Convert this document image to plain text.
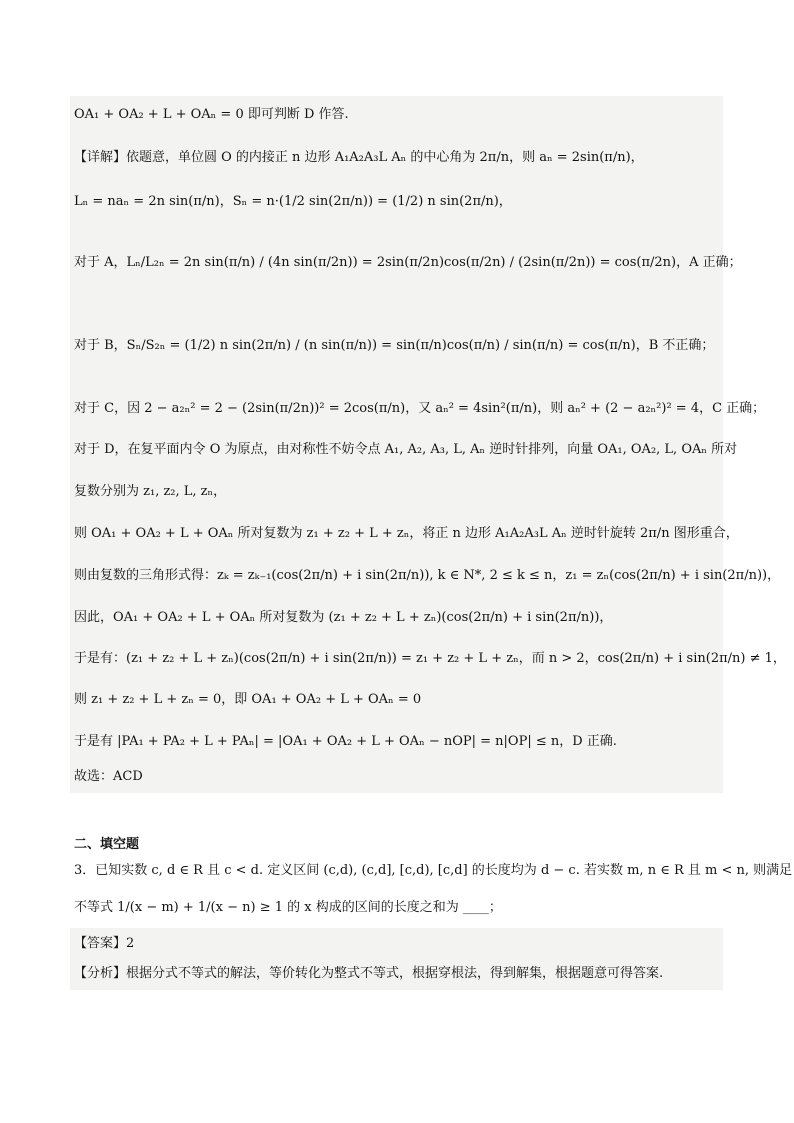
OA₁ + OA₂ + L + OAₙ = 0 即可判断 D 作答.
【详解】依题意，单位圆 O 的内接正 n 边形 A₁A₂A₃L Aₙ 的中心角为 2π/n，则 aₙ = 2sin(π/n)，
Lₙ = naₙ = 2n sin(π/n)，Sₙ = n·(1/2 sin(2π/n)) = (1/2) n sin(2π/n)，
对于 A，Lₙ/L₂ₙ = 2n sin(π/n) / (4n sin(π/2n)) = 2sin(π/2n)cos(π/2n) / (2sin(π/2n)) = cos(π/2n)，A 正确；
对于 B，Sₙ/S₂ₙ = (1/2) n sin(2π/n) / (n sin(π/n)) = sin(π/n)cos(π/n) / sin(π/n) = cos(π/n)，B 不正确；
对于 C，因 2 − a₂ₙ² = 2 − (2sin(π/2n))² = 2cos(π/n)，又 aₙ² = 4sin²(π/n)，则 aₙ² + (2 − a₂ₙ²)² = 4，C 正确；
对于 D，在复平面内令 O 为原点，由对称性不妨令点 A₁, A₂, A₃, L, Aₙ 逆时针排列，向量 OA₁, OA₂, L, OAₙ 所对
复数分别为 z₁, z₂, L, zₙ，
则 OA₁ + OA₂ + L + OAₙ 所对复数为 z₁ + z₂ + L + zₙ，将正 n 边形 A₁A₂A₃L Aₙ 逆时针旋转 2π/n 图形重合，
则由复数的三角形式得：zₖ = zₖ₋₁(cos(2π/n) + i sin(2π/n)), k ∈ N*, 2 ≤ k ≤ n，z₁ = zₙ(cos(2π/n) + i sin(2π/n))，
因此，OA₁ + OA₂ + L + OAₙ 所对复数为 (z₁ + z₂ + L + zₙ)(cos(2π/n) + i sin(2π/n))，
于是有：(z₁ + z₂ + L + zₙ)(cos(2π/n) + i sin(2π/n)) = z₁ + z₂ + L + zₙ，而 n > 2，cos(2π/n) + i sin(2π/n) ≠ 1，
则 z₁ + z₂ + L + zₙ = 0，即 OA₁ + OA₂ + L + OAₙ = 0
于是有 |PA₁ + PA₂ + L + PAₙ| = |OA₁ + OA₂ + L + OAₙ − nOP| = n|OP| ≤ n，D 正确.
故选：ACD
二、填空题
3．已知实数 c, d ∈ R 且 c < d. 定义区间 (c,d), (c,d], [c,d), [c,d] 的长度均为 d − c. 若实数 m, n ∈ R 且 m < n, 则满足
不等式 1/(x − m) + 1/(x − n) ≥ 1 的 x 构成的区间的长度之和为 ____；
【答案】2
【分析】根据分式不等式的解法，等价转化为整式不等式，根据穿根法，得到解集，根据题意可得答案.
